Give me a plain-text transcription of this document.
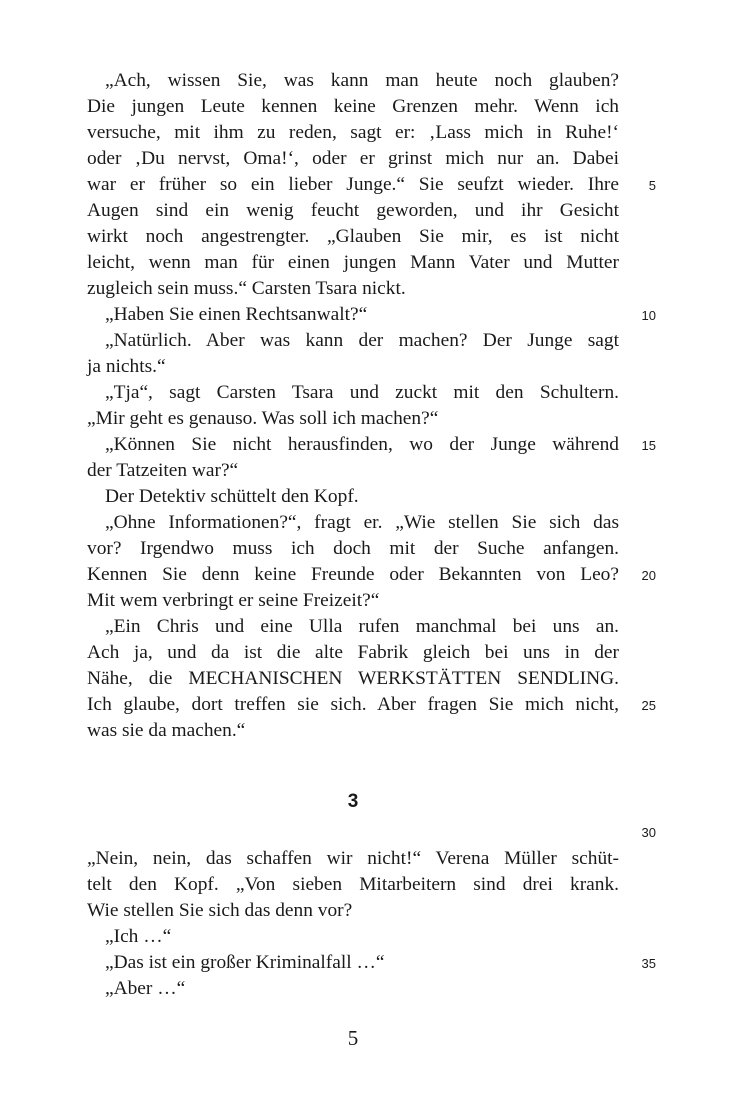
„Ach, wissen Sie, was kann man heute noch glauben?
Die jungen Leute kennen keine Grenzen mehr. Wenn ich
versuche, mit ihm zu reden, sagt er: ‚Lass mich in Ruhe!‘
oder ‚Du nervst, Oma!‘, oder er grinst mich nur an. Dabei
war er früher so ein lieber Junge.“ Sie seufzt wieder. Ihre
Augen sind ein wenig feucht geworden, und ihr Gesicht
wirkt noch angestrengter. „Glauben Sie mir, es ist nicht
leicht, wenn man für einen jungen Mann Vater und Mutter
zugleich sein muss.“ Carsten Tsara nickt.
„Haben Sie einen Rechtsanwalt?“
„Natürlich. Aber was kann der machen? Der Junge sagt
ja nichts.“
„Tja“, sagt Carsten Tsara und zuckt mit den Schultern.
„Mir geht es genauso. Was soll ich machen?“
„Können Sie nicht herausfinden, wo der Junge während
der Tatzeiten war?“
Der Detektiv schüttelt den Kopf.
„Ohne Informationen?“, fragt er. „Wie stellen Sie sich das
vor? Irgendwo muss ich doch mit der Suche anfangen.
Kennen Sie denn keine Freunde oder Bekannten von Leo?
Mit wem verbringt er seine Freizeit?“
„Ein Chris und eine Ulla rufen manchmal bei uns an.
Ach ja, und da ist die alte Fabrik gleich bei uns in der
Nähe, die MECHANISCHEN WERKSTÄTTEN SENDLING.
Ich glaube, dort treffen sie sich. Aber fragen Sie mich nicht,
was sie da machen.“
3
„Nein, nein, das schaffen wir nicht!“ Verena Müller schüt-
telt den Kopf. „Von sieben Mitarbeitern sind drei krank.
Wie stellen Sie sich das denn vor?
„Ich …“
„Das ist ein großer Kriminalfall …“
„Aber …“
5
10
15
20
25
30
35
5
